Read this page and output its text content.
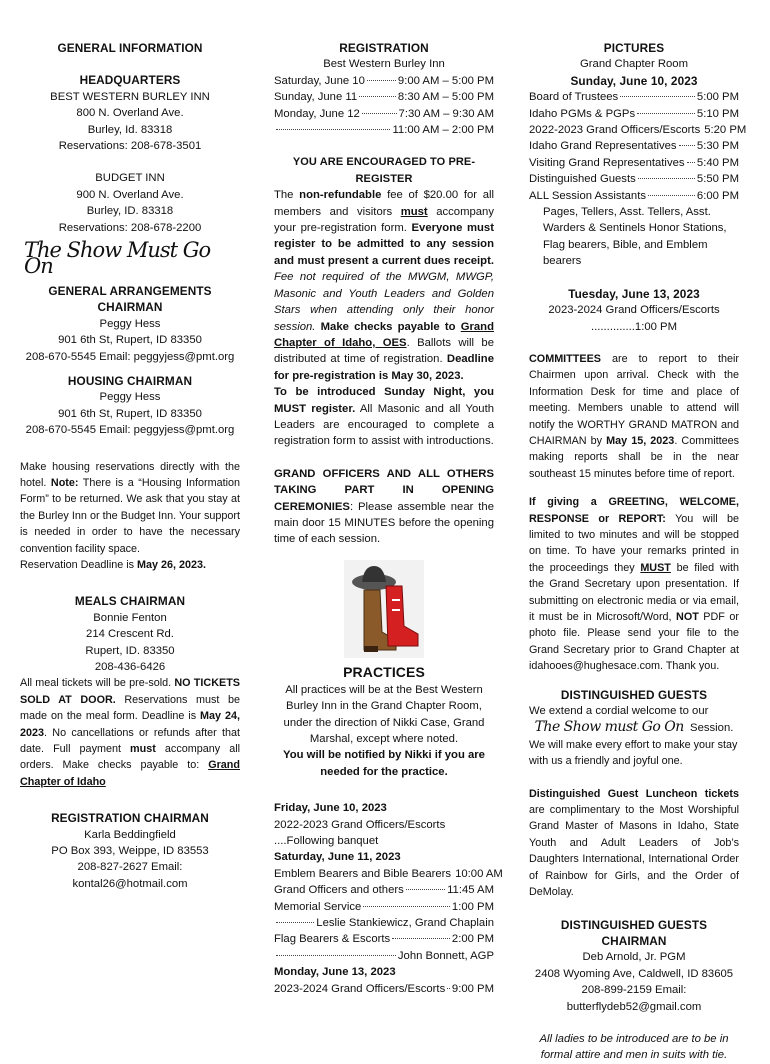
GENERAL INFORMATION
HEADQUARTERS
BEST WESTERN BURLEY INN
800 N. Overland Ave.
Burley, Id. 83318
Reservations: 208-678-3501
BUDGET INN
900 N. Overland Ave.
Burley, ID. 83318
Reservations: 208-678-2200
The Show Must Go On
GENERAL ARRANGEMENTS CHAIRMAN
Peggy Hess
901 6th St, Rupert, ID 83350
208-670-5545 Email: peggyjess@pmt.org
HOUSING CHAIRMAN
Peggy Hess
901 6th St, Rupert, ID 83350
208-670-5545 Email: peggyjess@pmt.org
Make housing reservations directly with the hotel. Note: There is a “Housing Information Form” to be returned. We ask that you stay at the Burley Inn or the Budget Inn. Your support is needed in order to have the necessary convention facility space.
Reservation Deadline is May 26, 2023.
MEALS CHAIRMAN
Bonnie Fenton
214 Crescent Rd.
Rupert, ID. 83350
208-436-6426
All meal tickets will be pre-sold. NO TICKETS SOLD AT DOOR. Reservations must be made on the meal form. Deadline is May 24, 2023. No cancellations or refunds after that date. Full payment must accompany all orders. Make checks payable to: Grand Chapter of Idaho
REGISTRATION CHAIRMAN
Karla Beddingfield
PO Box 393, Weippe, ID 83553
208-827-2627 Email: kontal26@hotmail.com
REGISTRATION
Best Western Burley Inn
Saturday, June 10	9:00 AM – 5:00 PM
Sunday, June 11	8:30 AM – 5:00 PM
Monday, June 12	7:30 AM – 9:30 AM
11:00 AM – 2:00 PM
YOU ARE ENCOURAGED TO PRE-REGISTER
The non-refundable fee of $20.00 for all members and visitors must accompany your pre-registration form. Everyone must register to be admitted to any session and must present a current dues receipt. Fee not required of the MWGM, MWGP, Masonic and Youth Leaders and Golden Stars when attending only their honor session. Make checks payable to Grand Chapter of Idaho, OES. Ballots will be distributed at time of registration. Deadline for pre-registration is May 30, 2023.
To be introduced Sunday Night, you MUST register. All Masonic and all Youth Leaders are encouraged to complete a registration form to assist with introductions.
GRAND OFFICERS AND ALL OTHERS TAKING PART IN OPENING CEREMONIES: Please assemble near the main door 15 MINUTES before the opening time of each session.
PRACTICES
All practices will be at the Best Western Burley Inn in the Grand Chapter Room, under the direction of Nikki Case, Grand Marshal, except where noted.
You will be notified by Nikki if you are needed for the practice.
Friday, June 10, 2023
2022-2023 Grand Officers/Escorts ....Following banquet
Saturday, June 11, 2023
Emblem Bearers and Bible Bearers 10:00 AM
Grand Officers and others	11:45 AM
Memorial Service	1:00 PM
Leslie Stankiewicz, Grand Chaplain
Flag Bearers & Escorts	2:00 PM
John Bonnett, AGP
Monday, June 13, 2023
2023-2024 Grand Officers/Escorts 9:00 PM
PICTURES
Grand Chapter Room
Sunday, June 10, 2023
Board of Trustees	5:00 PM
Idaho PGMs & PGPs	5:10 PM
2022-2023 Grand Officers/Escorts 5:20 PM
Idaho Grand Representatives 5:30 PM
Visiting Grand Representatives 5:40 PM
Distinguished Guests	5:50 PM
ALL Session Assistants	6:00 PM
Pages, Tellers, Asst. Tellers, Asst. Warders & Sentinels Honor Stations, Flag bearers, Bible, and Emblem bearers
Tuesday, June 13, 2023
2023-2024 Grand Officers/Escorts ..............1:00 PM
COMMITTEES are to report to their Chairmen upon arrival. Check with the Information Desk for time and place of meeting. Members unable to attend will notify the WORTHY GRAND MATRON and CHAIRMAN by May 15, 2023. Committees making reports shall be in the near southeast 15 minutes before time of report.
If giving a GREETING, WELCOME, RESPONSE or REPORT: You will be limited to two minutes and will be stopped on time. To have your remarks printed in the proceedings they MUST be filed with the Grand Secretary upon presentation. If submitting on electronic media or via email, it must be in Microsoft/Word, NOT PDF or photo file. Please send your file to the Grand Secretary prior to Grand Chapter at idahooes@hughesace.com. Thank you.
DISTINGUISHED GUESTS
We extend a cordial welcome to our
The Show must Go On Session.
We will make every effort to make your stay with us a friendly and joyful one.
Distinguished Guest Luncheon tickets are complimentary to the Most Worshipful Grand Master of Masons in Idaho, State Youth and Adult Leaders of Job’s Daughters International, International Order of Rainbow for Girls, and the Order of DeMolay.
DISTINGUISHED GUESTS CHAIRMAN
Deb Arnold, Jr. PGM
2408 Wyoming Ave, Caldwell, ID 83605
208-899-2159 Email: butterflydeb52@gmail.com
All ladies to be introduced are to be in formal attire and men in suits with tie.
